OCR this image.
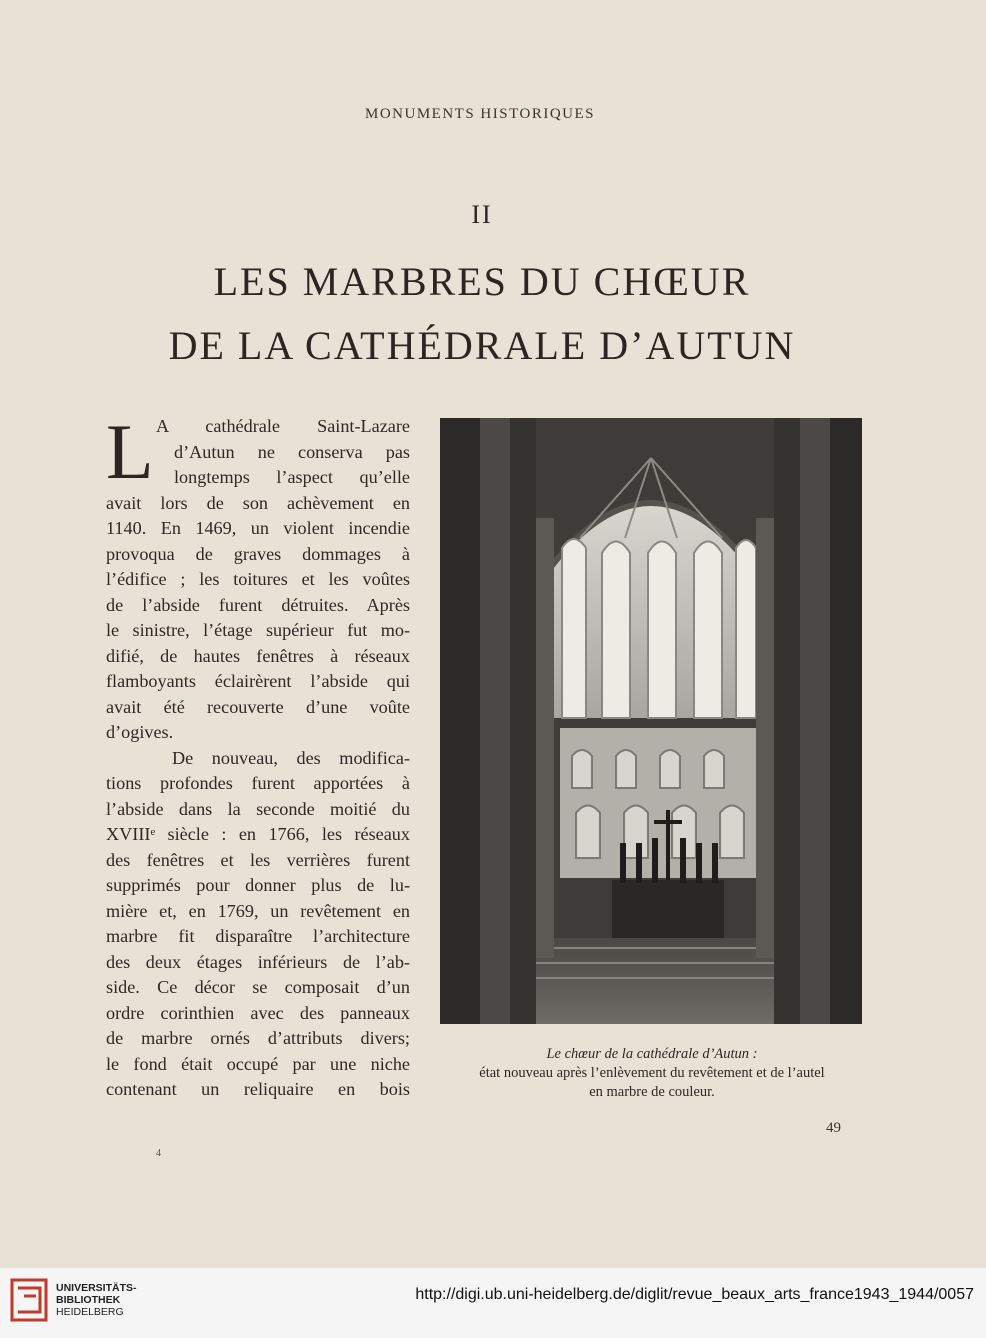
MONUMENTS HISTORIQUES
II
LES MARBRES DU CHŒUR
DE LA CATHÉDRALE D’AUTUN
L A cathédrale Saint-Lazare
d’Autun ne conserva pas
longtemps l’aspect qu’elle
avait lors de son achèvement en
1140. En 1469, un violent incendie
provoqua de graves dommages à
l’édifice ; les toitures et les voûtes
de l’abside furent détruites. Après
le sinistre, l’étage supérieur fut mo-
difié, de hautes fenêtres à réseaux
flamboyants éclairèrent l’abside qui
avait été recouverte d’une voûte
d’ogives.
De nouveau, des modifica-
tions profondes furent apportées à
l’abside dans la seconde moitié du
XVIIIᵉ siècle : en 1766, les réseaux
des fenêtres et les verrières furent
supprimés pour donner plus de lu-
mière et, en 1769, un revêtement en
marbre fit disparaître l’architecture
des deux étages inférieurs de l’ab-
side. Ce décor se composait d’un
ordre corinthien avec des panneaux
de marbre ornés d’attributs divers;
le fond était occupé par une niche
contenant un reliquaire en bois
Le chœur de la cathédrale d’Autun :
état nouveau après l’enlèvement du revêtement et de l’autel
en marbre de couleur.
49
4
UNIVERSITÄTS-
BIBLIOTHEK
HEIDELBERG
http://digi.ub.uni-heidelberg.de/diglit/revue_beaux_arts_france1943_1944/0057
